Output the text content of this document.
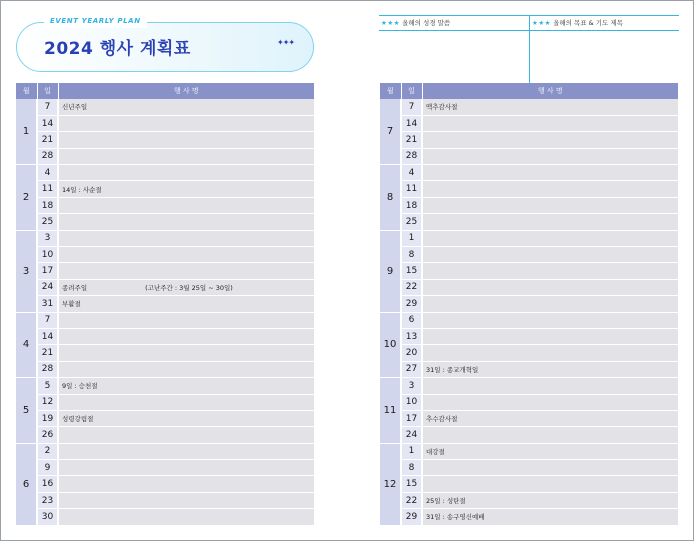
EVENT YEARLY PLAN
2024 행사 계획표	✦✦✦
★★★ 올해의 성경 말씀	★★★ 올해의 목표 & 기도 제목
월	일	행 사 명
1	7	신년주일
	14	
	21	
	28	
2	4	
	11	14일 : 사순절
	18	
	25	
3	3	
	10	
	17	
	24	종려주일 (고난주간 : 3월 25일 ~ 30일)
	31	부활절
4	7	
	14	
	21	
	28	
5	5	9일 : 승천절
	12	
	19	성령강림절
	26	
6	2	
	9	
	16	
	23	
	30	
월	일	행 사 명
7	7	맥추감사절
	14	
	21	
	28	
8	4	
	11	
	18	
	25	
9	1	
	8	
	15	
	22	
	29	
10	6	
	13	
	20	
	27	31일 : 종교개혁일
11	3	
	10	
	17	추수감사절
	24	
12	1	대강절
	8	
	15	
	22	25일 : 성탄절
	29	31일 : 송구영신예배
